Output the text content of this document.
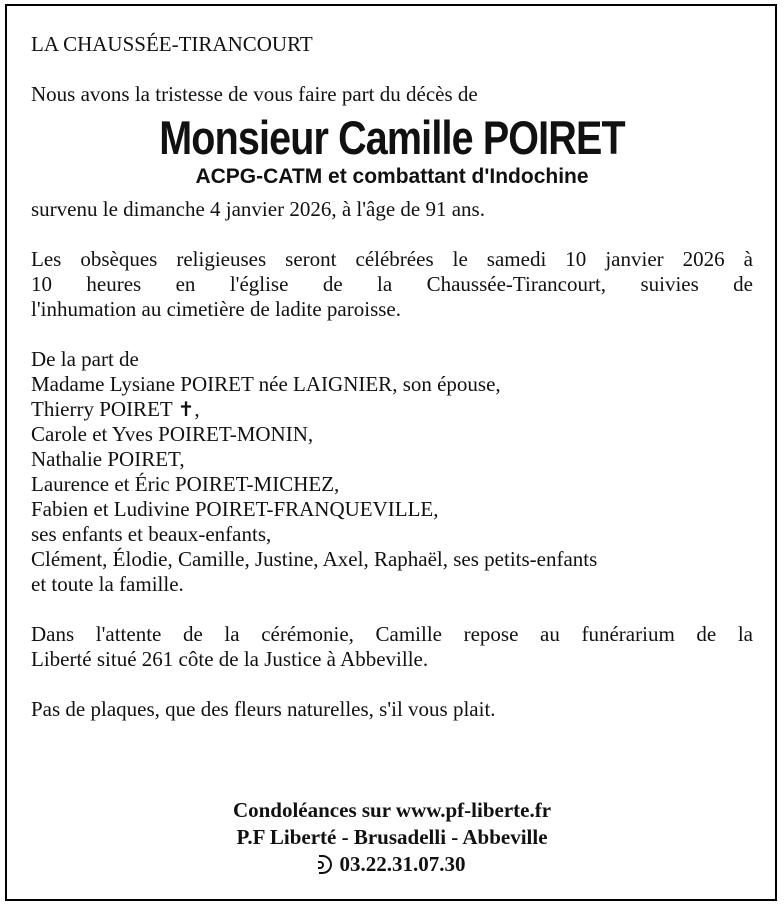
LA CHAUSSÉE-TIRANCOURT
Nous avons la tristesse de vous faire part du décès de
Monsieur Camille POIRET
ACPG-CATM et combattant d'Indochine
survenu le dimanche 4 janvier 2026, à l'âge de 91 ans.
Les obsèques religieuses seront célébrées le samedi 10 janvier 2026 à
10 heures en l'église de la Chaussée-Tirancourt, suivies de
l'inhumation au cimetière de ladite paroisse.
De la part de
Madame Lysiane POIRET née LAIGNIER, son épouse,
Thierry POIRET ✝,
Carole et Yves POIRET-MONIN,
Nathalie POIRET,
Laurence et Éric POIRET-MICHEZ,
Fabien et Ludivine POIRET-FRANQUEVILLE,
ses enfants et beaux-enfants,
Clément, Élodie, Camille, Justine, Axel, Raphaël, ses petits-enfants
et toute la famille.
Dans l'attente de la cérémonie, Camille repose au funérarium de la
Liberté situé 261 côte de la Justice à Abbeville.
Pas de plaques, que des fleurs naturelles, s'il vous plait.
Condoléances sur www.pf-liberte.fr
P.F Liberté - Brusadelli - Abbeville
03.22.31.07.30
